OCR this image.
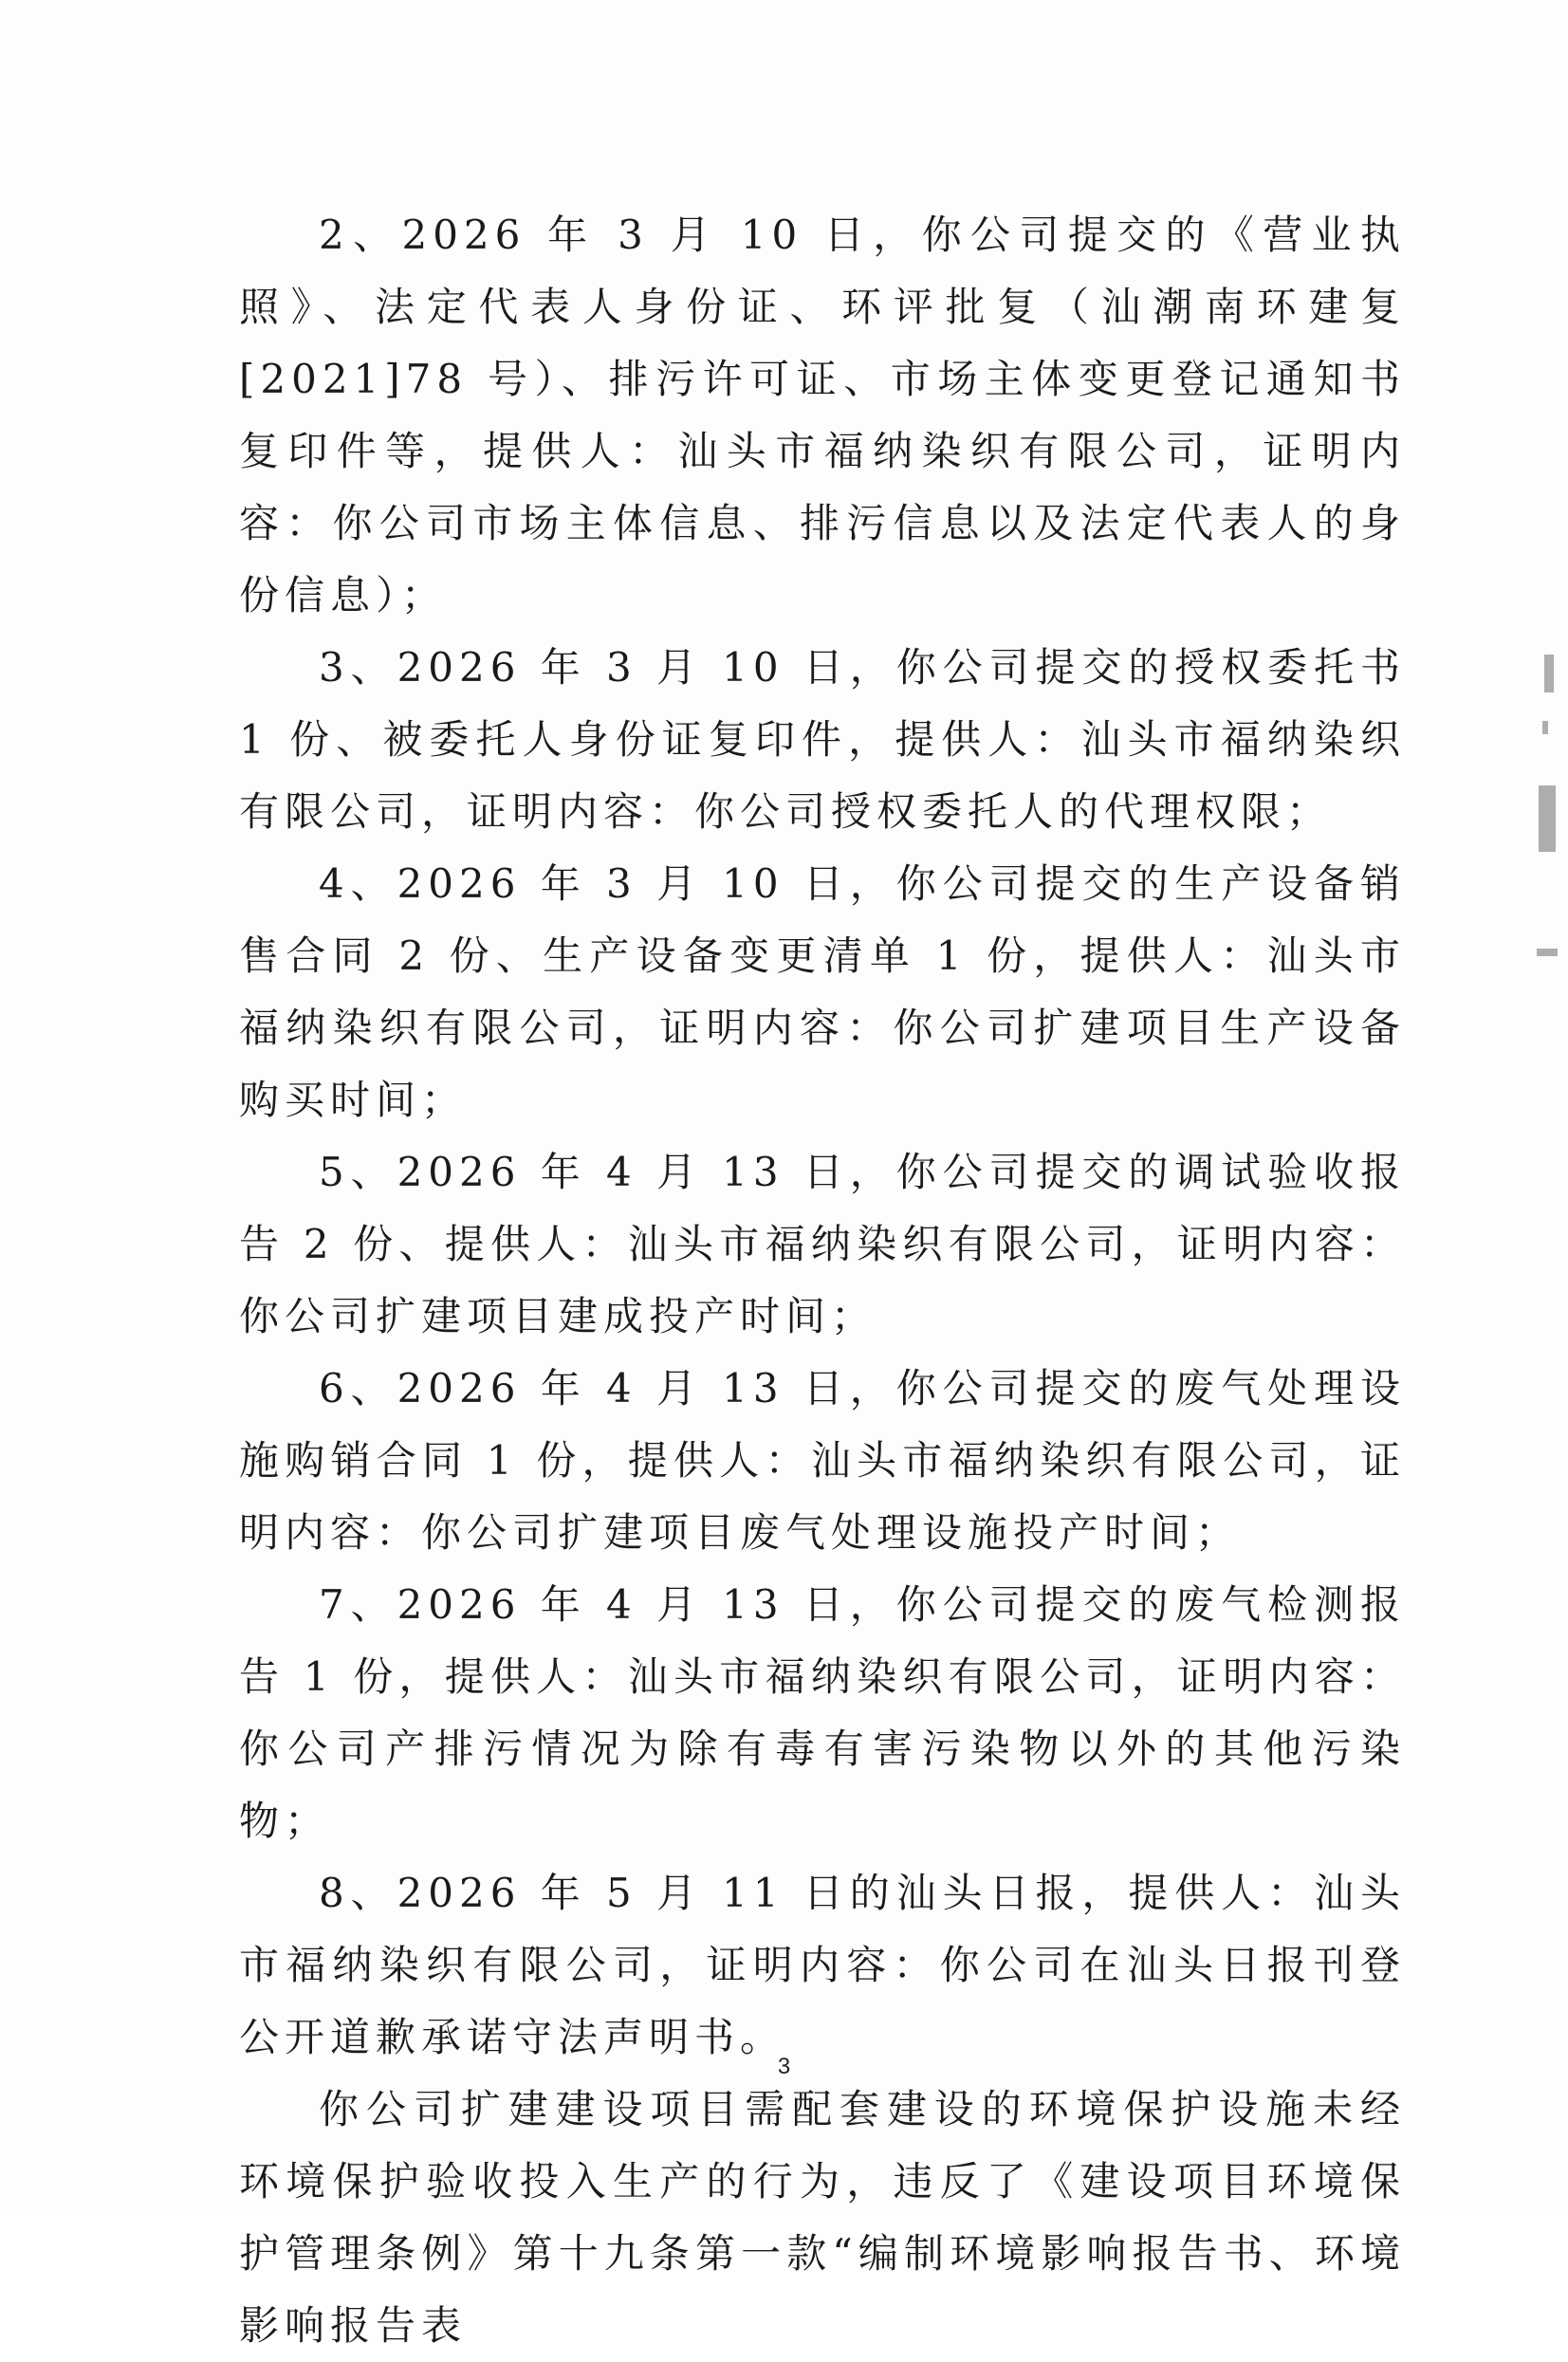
2、2026 年 3 月 10 日，你公司提交的《营业执照》、法定代表人身份证、环评批复（汕潮南环建复[2021]78 号）、排污许可证、市场主体变更登记通知书复印件等，提供人：汕头市福纳染织有限公司，证明内容：你公司市场主体信息、排污信息以及法定代表人的身份信息）；

3、2026 年 3 月 10 日，你公司提交的授权委托书 1 份、被委托人身份证复印件，提供人：汕头市福纳染织有限公司，证明内容：你公司授权委托人的代理权限；

4、2026 年 3 月 10 日，你公司提交的生产设备销售合同 2 份、生产设备变更清单 1 份，提供人：汕头市福纳染织有限公司，证明内容：你公司扩建项目生产设备购买时间；

5、2026 年 4 月 13 日，你公司提交的调试验收报告 2 份、提供人：汕头市福纳染织有限公司，证明内容：你公司扩建项目建成投产时间；

6、2026 年 4 月 13 日，你公司提交的废气处理设施购销合同 1 份，提供人：汕头市福纳染织有限公司，证明内容：你公司扩建项目废气处理设施投产时间；

7、2026 年 4 月 13 日，你公司提交的废气检测报告 1 份，提供人：汕头市福纳染织有限公司，证明内容：你公司产排污情况为除有毒有害污染物以外的其他污染物；

8、2026 年 5 月 11 日的汕头日报，提供人：汕头市福纳染织有限公司，证明内容：你公司在汕头日报刊登公开道歉承诺守法声明书。

你公司扩建建设项目需配套建设的环境保护设施未经环境保护验收投入生产的行为，违反了《建设项目环境保护管理条例》第十九条第一款“编制环境影响报告书、环境影响报告表

3
